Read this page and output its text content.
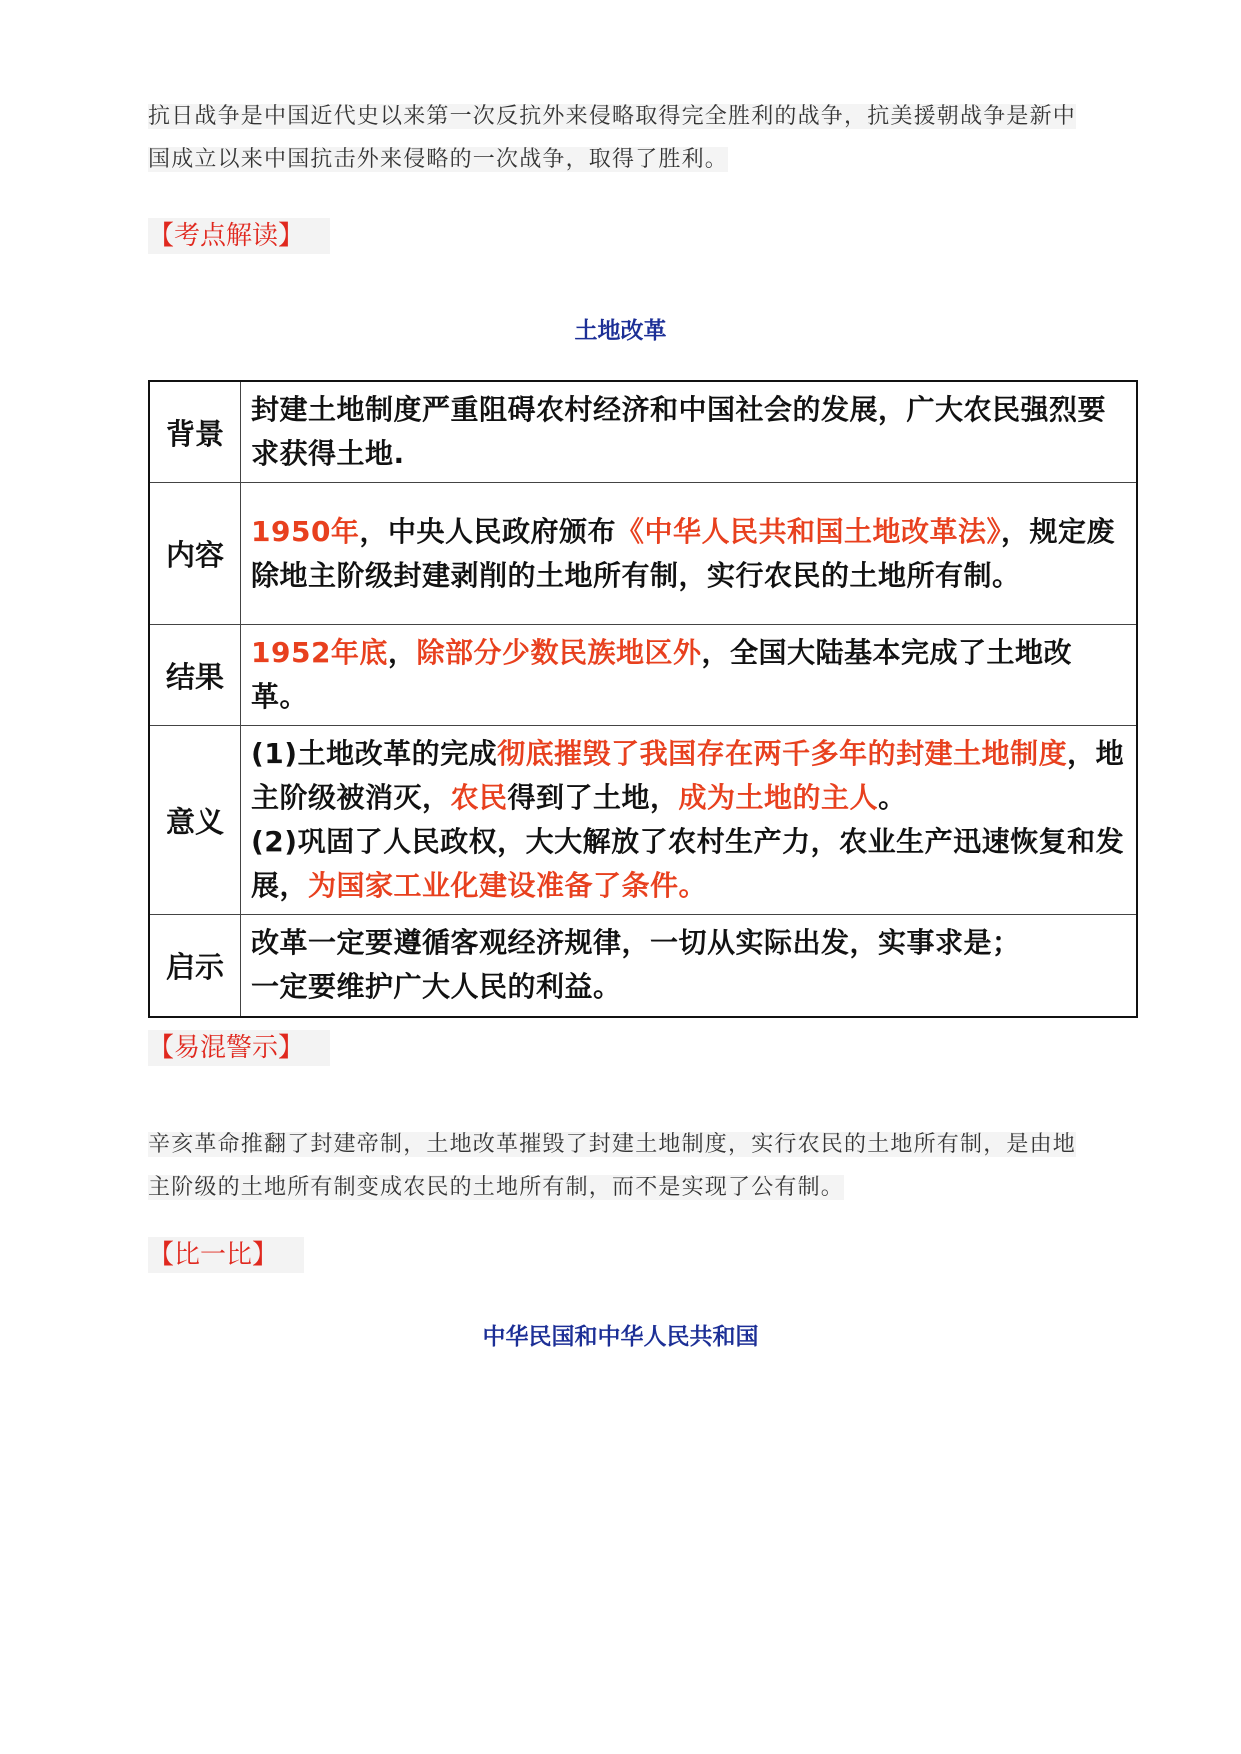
抗日战争是中国近代史以来第一次反抗外来侵略取得完全胜利的战争，抗美援朝战争是新中
国成立以来中国抗击外来侵略的一次战争，取得了胜利。
【考点解读】
土地改革
背景	封建土地制度严重阻碍农村经济和中国社会的发展，广大农民强烈要求获得土地.
内容	1950年，中央人民政府颁布《中华人民共和国土地改革法》，规定废除地主阶级封建剥削的土地所有制，实行农民的土地所有制。
结果	1952年底，除部分少数民族地区外，全国大陆基本完成了土地改革。
意义	(1)土地改革的完成彻底摧毁了我国存在两千多年的封建土地制度，地主阶级被消灭，农民得到了土地，成为土地的主人。
(2)巩固了人民政权，大大解放了农村生产力，农业生产迅速恢复和发展，为国家工业化建设准备了条件。
启示	改革一定要遵循客观经济规律，一切从实际出发，实事求是；
一定要维护广大人民的利益。
【易混警示】
辛亥革命推翻了封建帝制，土地改革摧毁了封建土地制度，实行农民的土地所有制，是由地
主阶级的土地所有制变成农民的土地所有制，而不是实现了公有制。
【比一比】
中华民国和中华人民共和国
